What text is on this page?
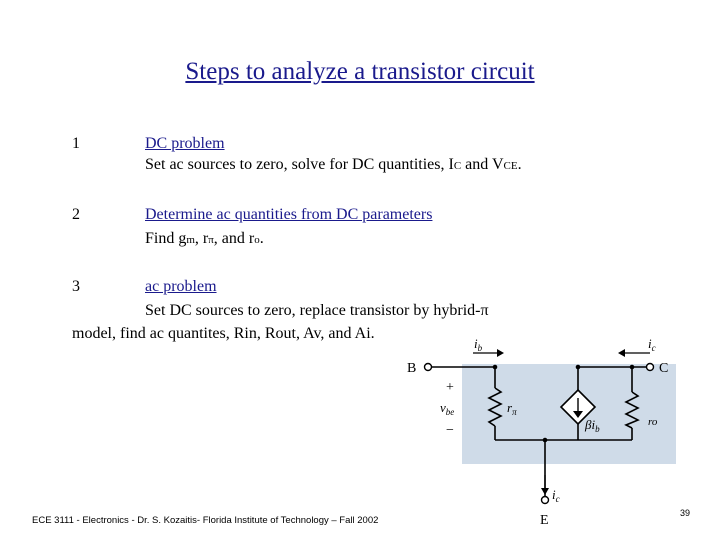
Steps to analyze a transistor circuit
1	DC problem
Set ac sources to zero, solve for DC quantities, IC and VCE.
2	Determine ac quantities from DC parameters
Find gm, rπ, and ro.
3	ac problem
Set DC sources to zero, replace transistor by hybrid-π
model, find ac quantites, Rin, Rout, Av, and Ai.
B	C
E
$i_b$	$i_c$
$i_c$
+
−
$v_{be}$	$r_\pi$
$\beta i_b$
ro
ECE 3111 - Electronics - Dr. S. Kozaitis- Florida Institute of Technology – Fall 2002
39
